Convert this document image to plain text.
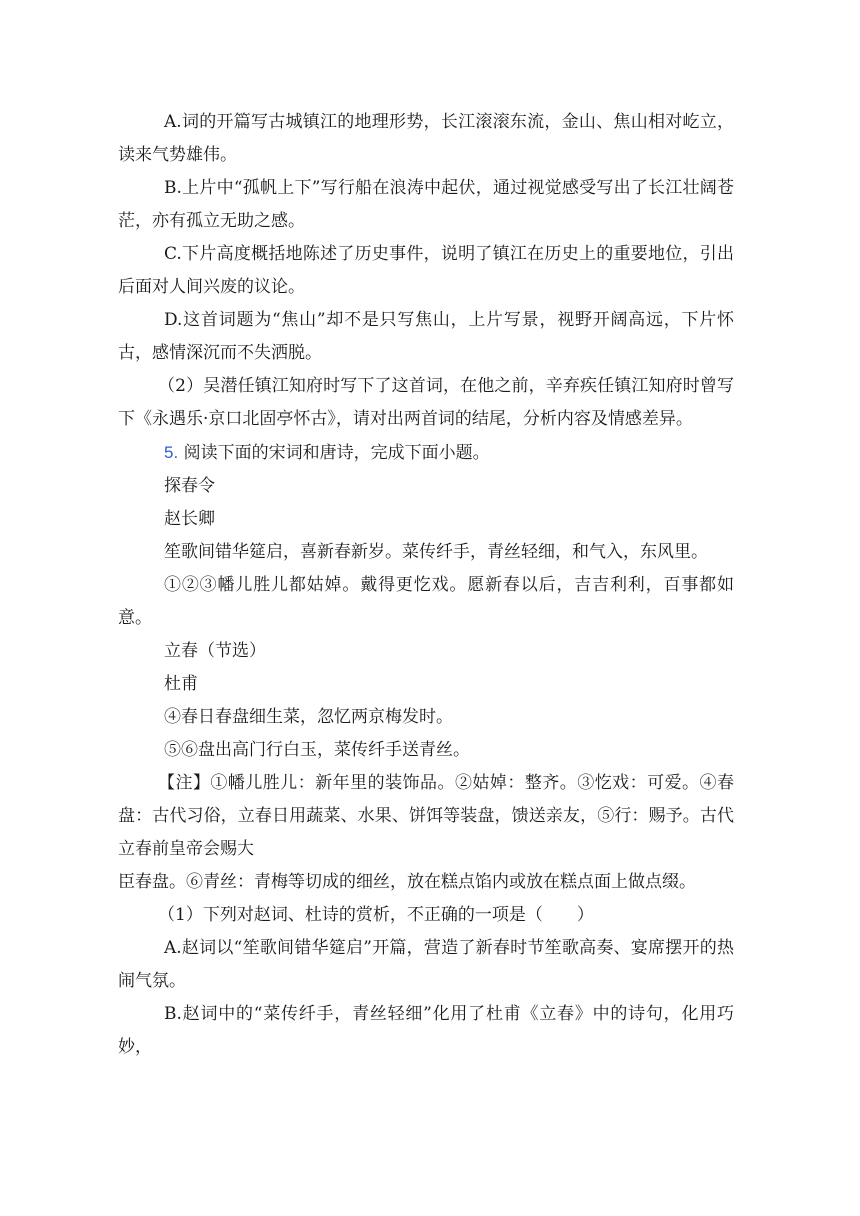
A.词的开篇写古城镇江的地理形势，长江滚滚东流，金山、焦山相对屹立，读来气势雄伟。

B.上片中“孤帆上下”写行船在浪涛中起伏，通过视觉感受写出了长江壮阔苍茫，亦有孤立无助之感。

C.下片高度概括地陈述了历史事件，说明了镇江在历史上的重要地位，引出后面对人间兴废的议论。

D.这首词题为“焦山”却不是只写焦山，上片写景，视野开阔高远，下片怀古，感情深沉而不失洒脱。

（2）吴潜任镇江知府时写下了这首词，在他之前，辛弃疾任镇江知府时曾写下《永遇乐·京口北固亭怀古》，请对出两首词的结尾，分析内容及情感差异。

5. 阅读下面的宋词和唐诗，完成下面小题。

探春令

赵长卿

笙歌间错华筵启，喜新春新岁。菜传纤手，青丝轻细，和气入，东风里。

①②③幡儿胜儿都姑婥。戴得更忔戏。愿新春以后，吉吉利利，百事都如意。

立春（节选）

杜甫

④春日春盘细生菜，忽忆两京梅发时。

⑤⑥盘出高门行白玉，菜传纤手送青丝。

【注】①幡儿胜儿：新年里的装饰品。②姑婥：整齐。③忔戏：可爱。④春盘：古代习俗，立春日用蔬菜、水果、饼饵等装盘，馈送亲友，⑤行：赐予。古代立春前皇帝会赐大

臣春盘。⑥青丝：青梅等切成的细丝，放在糕点馅内或放在糕点面上做点缀。

（1）下列对赵词、杜诗的赏析，不正确的一项是（　　）

A.赵词以“笙歌间错华筵启”开篇，营造了新春时节笙歌高奏、宴席摆开的热闹气氛。

B.赵词中的“菜传纤手，青丝轻细”化用了杜甫《立春》中的诗句，化用巧妙，
